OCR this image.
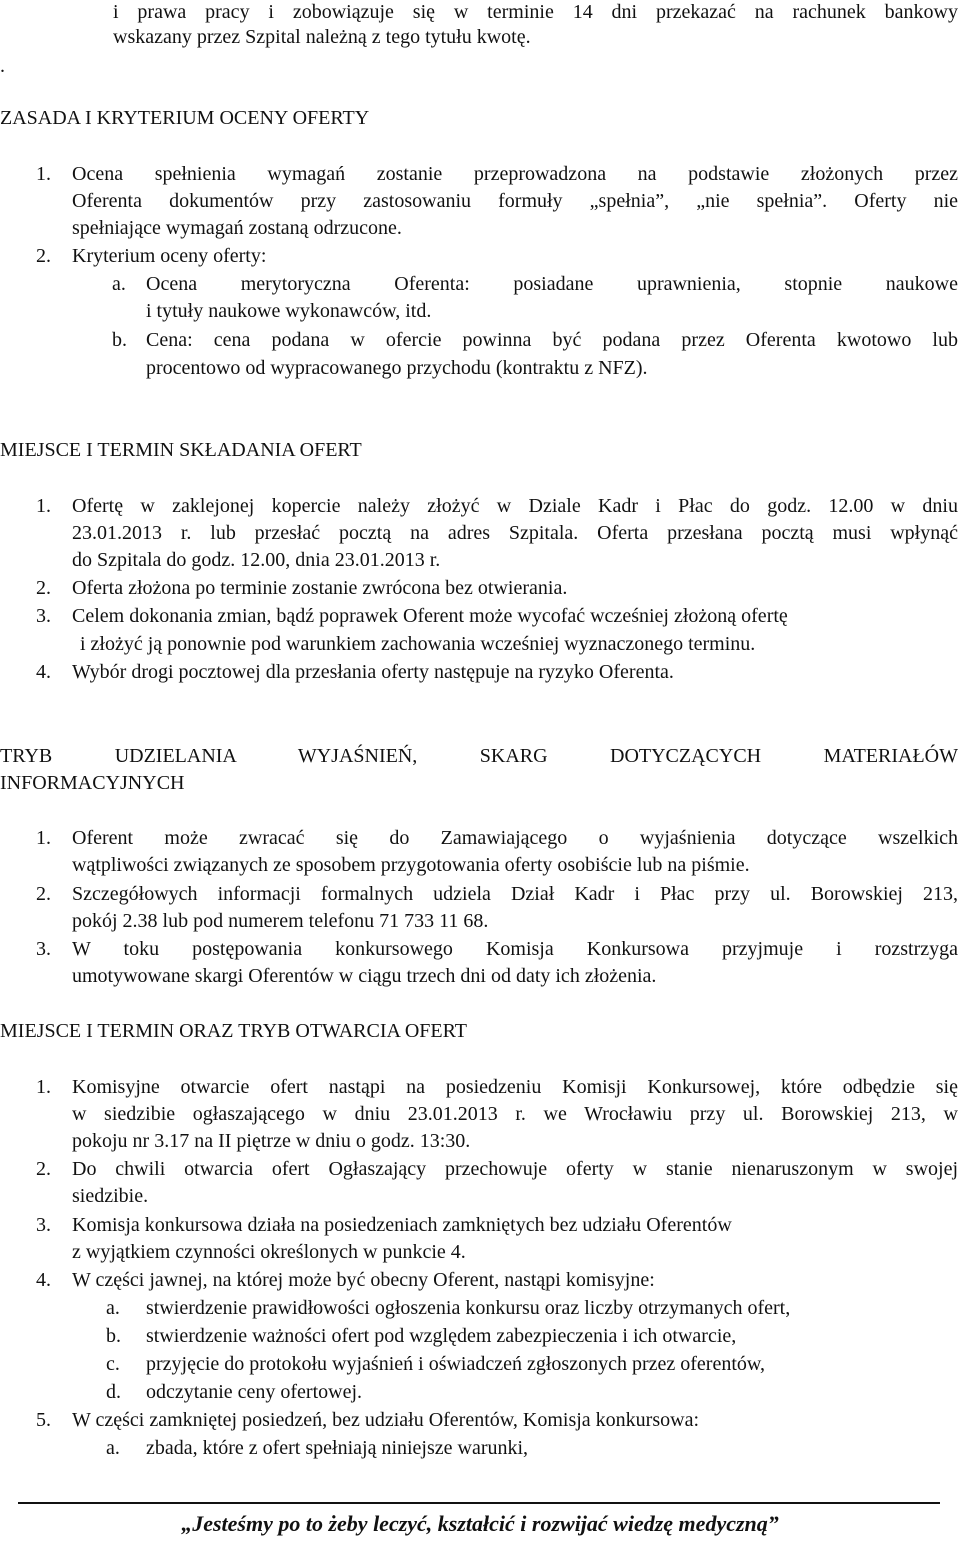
.
i prawa pracy i zobowiązuje się w terminie 14 dni przekazać na rachunek bankowy
wskazany przez Szpital należną z tego tytułu kwotę.
ZASADA I KRYTERIUM OCENY OFERTY
1. Ocena spełnienia wymagań zostanie przeprowadzona na podstawie złożonych przez
Oferenta dokumentów przy zastosowaniu formuły „spełnia”, „nie spełnia”. Oferty nie
spełniające wymagań zostaną odrzucone.
2. Kryterium oceny oferty:
a. Ocena merytoryczna Oferenta: posiadane uprawnienia, stopnie naukowe
i tytuły naukowe wykonawców, itd.
b. Cena: cena podana w ofercie powinna być podana przez Oferenta kwotowo lub
procentowo od wypracowanego przychodu (kontraktu z NFZ).
MIEJSCE I TERMIN SKŁADANIA OFERT
1. Ofertę w zaklejonej kopercie należy złożyć w Dziale Kadr i Płac do godz. 12.00 w dniu
23.01.2013 r. lub przesłać pocztą na adres Szpitala. Oferta przesłana pocztą musi wpłynąć
do Szpitala do godz. 12.00, dnia 23.01.2013 r.
2. Oferta złożona po terminie zostanie zwrócona bez otwierania.
3. Celem dokonania zmian, bądź poprawek Oferent może wycofać wcześniej złożoną ofertę
i złożyć ją ponownie pod warunkiem zachowania wcześniej wyznaczonego terminu.
4. Wybór drogi pocztowej dla przesłania oferty następuje na ryzyko Oferenta.
TRYB UDZIELANIA WYJAŚNIEŃ, SKARG DOTYCZĄCYCH MATERIAŁÓW
INFORMACYJNYCH
1. Oferent może zwracać się do Zamawiającego o wyjaśnienia dotyczące wszelkich
wątpliwości związanych ze sposobem przygotowania oferty osobiście lub na piśmie.
2. Szczegółowych informacji formalnych udziela Dział Kadr i Płac przy ul. Borowskiej 213,
pokój 2.38 lub pod numerem telefonu 71 733 11 68.
3. W toku postępowania konkursowego Komisja Konkursowa przyjmuje i rozstrzyga
umotywowane skargi Oferentów w ciągu trzech dni od daty ich złożenia.
MIEJSCE I TERMIN ORAZ TRYB OTWARCIA OFERT
1. Komisyjne otwarcie ofert nastąpi na posiedzeniu Komisji Konkursowej, które odbędzie się
w siedzibie ogłaszającego w dniu 23.01.2013 r. we Wrocławiu przy ul. Borowskiej 213, w
pokoju nr 3.17 na II piętrze w dniu o godz. 13:30.
2. Do chwili otwarcia ofert Ogłaszający przechowuje oferty w stanie nienaruszonym w swojej
siedzibie.
3. Komisja konkursowa działa na posiedzeniach zamkniętych bez udziału Oferentów
z wyjątkiem czynności określonych w punkcie 4.
4. W części jawnej, na której może być obecny Oferent, nastąpi komisyjne:
a. stwierdzenie prawidłowości ogłoszenia konkursu oraz liczby otrzymanych ofert,
b. stwierdzenie ważności ofert pod względem zabezpieczenia i ich otwarcie,
c. przyjęcie do protokołu wyjaśnień i oświadczeń zgłoszonych przez oferentów,
d. odczytanie ceny ofertowej.
5. W części zamkniętej posiedzeń, bez udziału Oferentów, Komisja konkursowa:
a. zbada, które z ofert spełniają niniejsze warunki,
„Jesteśmy po to żeby leczyć, kształcić i rozwijać wiedzę medyczną”
